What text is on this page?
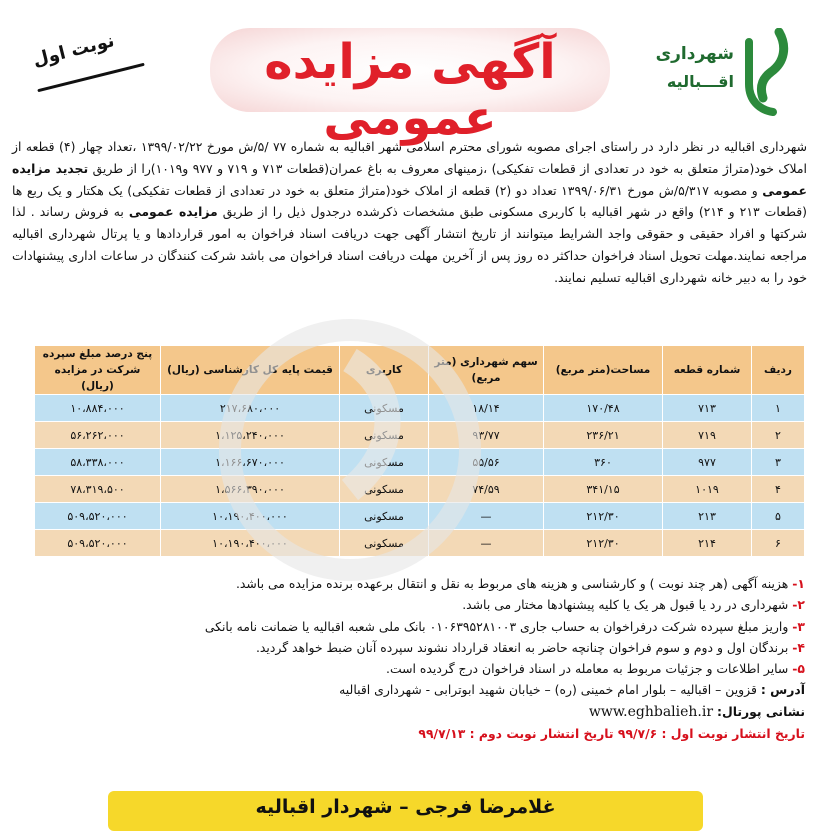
شهرداری
اقـــبالیه
آگهی مزایده عمومی
نوبت اول
شهرداری اقبالیه در نظر دارد در راستای اجرای مصوبه شورای محترم اسلامی شهر اقبالیه به شماره ۷۷ /۵/ش مورخ ۱۳۹۹/۰۲/۲۲ ،تعداد چهار (۴) قطعه از املاک خود(متراژ متعلق به خود در تعدادی از قطعات تفکیکی) ،زمینهای معروف به باغ عمران(قطعات ۷۱۳ و ۷۱۹ و ۹۷۷ و۱۰۱۹)را از طریق تجدید مزایده عمومی و مصوبه ۵/۳۱۷/ش مورخ ۱۳۹۹/۰۶/۳۱ تعداد دو (۲) قطعه از املاک خود(متراژ متعلق به خود در تعدادی از قطعات تفکیکی) یک هکتار و یک ربع ها (قطعات ۲۱۳ و ۲۱۴) واقع در شهر اقبالیه با کاربری مسکونی طبق مشخصات ذکرشده درجدول ذیل را از طریق مزایده عمومی به فروش رساند . لذا شرکتها و افراد حقیقی و حقوقی واجد الشرایط میتوانند از تاریخ انتشار آگهی جهت دریافت اسناد فراخوان به امور قراردادها و یا پرتال شهرداری اقبالیه مراجعه نمایند.مهلت تحویل اسناد فراخوان حداکثر ده روز پس از آخرین مهلت دریافت اسناد فراخوان می باشد شرکت کنندگان در ساعات اداری پیشنهادات خود را به دبیر خانه شهرداری اقبالیه تسلیم نمایند.
ردیف	شماره قطعه	مساحت(متر مربع)	سهم شهرداری (متر مربع)	کاربری	قیمت پایه کل کارشناسی (ریال)	پنج درصد مبلغ سپرده شرکت در مزایده (ریال)
۱	۷۱۳	۱۷۰/۴۸	۱۸/۱۴	مسکونی	۲۱۷،۶۸۰،۰۰۰	۱۰،۸۸۴،۰۰۰
۲	۷۱۹	۲۳۶/۲۱	۹۳/۷۷	مسکونی	۱،۱۲۵،۲۴۰،۰۰۰	۵۶،۲۶۲،۰۰۰
۳	۹۷۷	۳۶۰	۵۵/۵۶	مسکونی	۱،۱۶۶،۶۷۰،۰۰۰	۵۸،۳۳۸،۰۰۰
۴	۱۰۱۹	۳۴۱/۱۵	۷۴/۵۹	مسکونی	۱،۵۶۶،۳۹۰،۰۰۰	۷۸،۳۱۹،۵۰۰
۵	۲۱۳	۲۱۲/۳۰	—	مسکونی	۱۰،۱۹۰،۴۰۰،۰۰۰	۵۰۹،۵۲۰،۰۰۰
۶	۲۱۴	۲۱۲/۳۰	—	مسکونی	۱۰،۱۹۰،۴۰۰،۰۰۰	۵۰۹،۵۲۰،۰۰۰
۱- هزینه آگهی (هر چند نوبت ) و کارشناسی و هزینه های مربوط به نقل و انتقال برعهده برنده مزایده می باشد.
۲- شهرداری در رد یا قبول هر یک یا کلیه پیشنهادها مختار می باشد.
۳- واریز مبلغ سپرده شرکت درفراخوان به حساب جاری ۰۱۰۶۳۹۵۲۸۱۰۰۳ بانک ملی شعبه اقبالیه یا ضمانت نامه بانکی
۴- برندگان اول و دوم و سوم فراخوان چنانچه حاضر به انعقاد قرارداد نشوند سپرده آنان ضبط خواهد گردید.
۵- سایر اطلاعات و جزئیات مربوط به معامله در اسناد فراخوان درج گردیده است.
آدرس : قزوین – اقبالیه – بلوار امام خمینی (ره) – خیابان شهید ابوترابی - شهرداری اقبالیه
نشانی پورتال: www.eghbalieh.ir
تاریخ انتشار نوبت اول : ۹۹/۷/۶ تاریخ انتشار نوبت دوم : ۹۹/۷/۱۳
غلامرضا فرجی – شهردار اقبالیه
